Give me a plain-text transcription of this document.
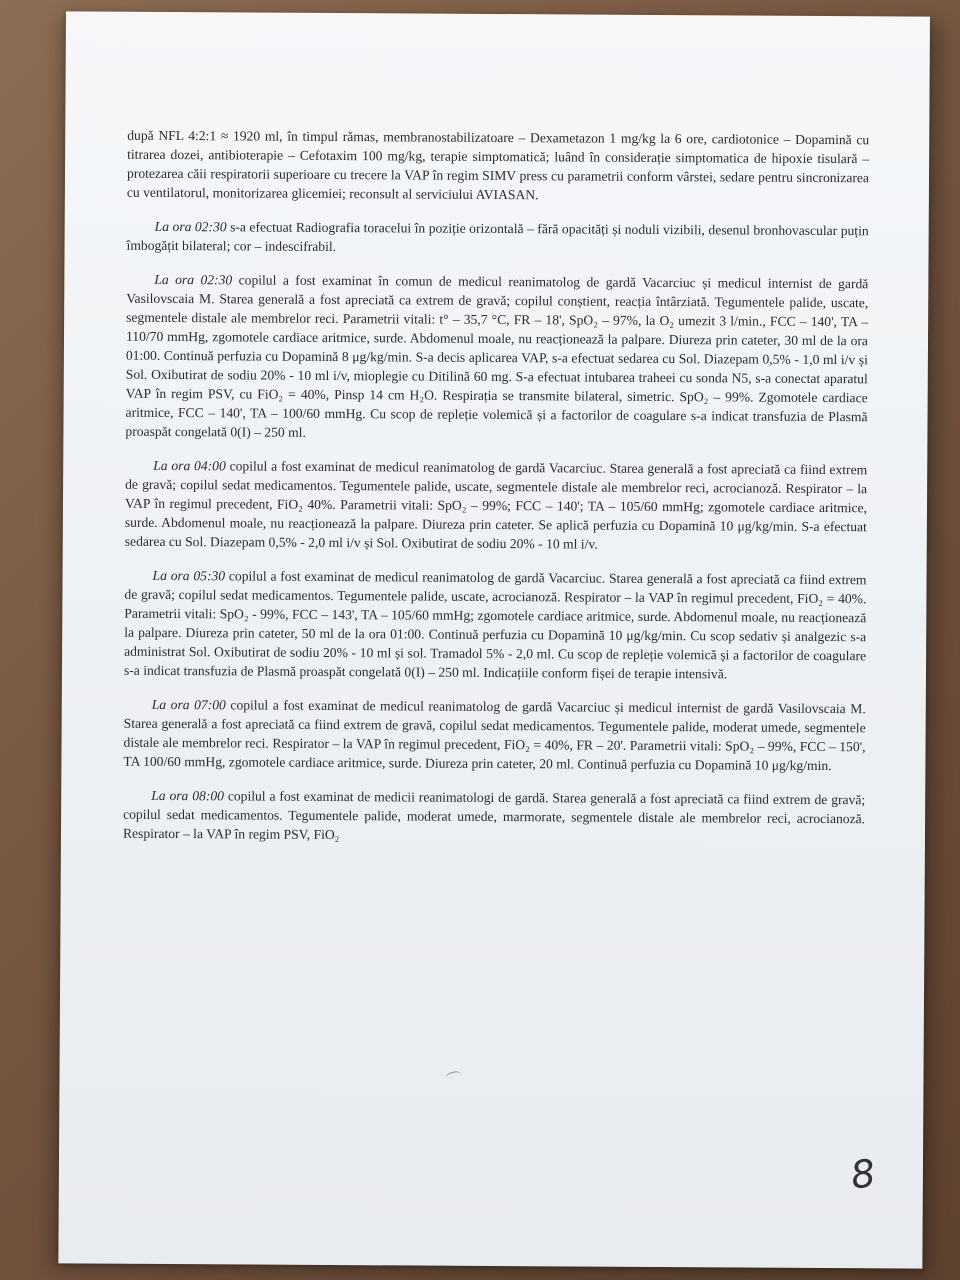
după NFL 4:2:1 ≈ 1920 ml, în timpul rămas, membranostabilizatoare – Dexametazon 1 mg/kg la 6 ore, cardiotonice – Dopamină cu titrarea dozei, antibioterapie – Cefotaxim 100 mg/kg, terapie simptomatică; luând în considerație simptomatica de hipoxie tisulară – protezarea căii respiratorii superioare cu trecere la VAP în regim SIMV press cu parametrii conform vârstei, sedare pentru sincronizarea cu ventilatorul, monitorizarea glicemiei; reconsult al serviciului AVIASAN.

La ora 02:30 s-a efectuat Radiografia toracelui în poziție orizontală – fără opacități și noduli vizibili, desenul bronhovascular puțin îmbogățit bilateral; cor – indescifrabil.

La ora 02:30 copilul a fost examinat în comun de medicul reanimatolog de gardă Vacarciuc și medicul internist de gardă Vasilovscaia M. Starea generală a fost apreciată ca extrem de gravă; copilul conștient, reacția întârziată. Tegumentele palide, uscate, segmentele distale ale membrelor reci. Parametrii vitali: t° – 35,7 °C, FR – 18', SpO₂ – 97%, la O₂ umezit 3 l/min., FCC – 140', TA – 110/70 mmHg, zgomotele cardiace aritmice, surde. Abdomenul moale, nu reacționează la palpare. Diureza prin cateter, 30 ml de la ora 01:00. Continuă perfuzia cu Dopamină 8 μg/kg/min. S-a decis aplicarea VAP, s-a efectuat sedarea cu Sol. Diazepam 0,5% - 1,0 ml i/v și Sol. Oxibutirat de sodiu 20% - 10 ml i/v, mioplegie cu Ditilină 60 mg. S-a efectuat intubarea traheei cu sonda N5, s-a conectat aparatul VAP în regim PSV, cu FiO₂ = 40%, Pinsp 14 cm H₂O. Respirația se transmite bilateral, simetric. SpO₂ – 99%. Zgomotele cardiace aritmice, FCC – 140', TA – 100/60 mmHg. Cu scop de repleție volemică și a factorilor de coagulare s-a indicat transfuzia de Plasmă proaspăt congelată 0(I) – 250 ml.

La ora 04:00 copilul a fost examinat de medicul reanimatolog de gardă Vacarciuc. Starea generală a fost apreciată ca fiind extrem de gravă; copilul sedat medicamentos. Tegumentele palide, uscate, segmentele distale ale membrelor reci, acrocianoză. Respirator – la VAP în regimul precedent, FiO₂ 40%. Parametrii vitali: SpO₂ – 99%; FCC – 140'; TA – 105/60 mmHg; zgomotele cardiace aritmice, surde. Abdomenul moale, nu reacționează la palpare. Diureza prin cateter. Se aplică perfuzia cu Dopamină 10 μg/kg/min. S-a efectuat sedarea cu Sol. Diazepam 0,5% - 2,0 ml i/v și Sol. Oxibutirat de sodiu 20% - 10 ml i/v.

La ora 05:30 copilul a fost examinat de medicul reanimatolog de gardă Vacarciuc. Starea generală a fost apreciată ca fiind extrem de gravă; copilul sedat medicamentos. Tegumentele palide, uscate, acrocianoză. Respirator – la VAP în regimul precedent, FiO₂ = 40%. Parametrii vitali: SpO₂ - 99%, FCC – 143', TA – 105/60 mmHg; zgomotele cardiace aritmice, surde. Abdomenul moale, nu reacționează la palpare. Diureza prin cateter, 50 ml de la ora 01:00. Continuă perfuzia cu Dopamină 10 μg/kg/min. Cu scop sedativ și analgezic s-a administrat Sol. Oxibutirat de sodiu 20% - 10 ml și sol. Tramadol 5% - 2,0 ml. Cu scop de repleție volemică și a factorilor de coagulare s-a indicat transfuzia de Plasmă proaspăt congelată 0(I) – 250 ml. Indicațiile conform fișei de terapie intensivă.

La ora 07:00 copilul a fost examinat de medicul reanimatolog de gardă Vacarciuc și medicul internist de gardă Vasilovscaia M. Starea generală a fost apreciată ca fiind extrem de gravă, copilul sedat medicamentos. Tegumentele palide, moderat umede, segmentele distale ale membrelor reci. Respirator – la VAP în regimul precedent, FiO₂ = 40%, FR – 20'. Parametrii vitali: SpO₂ – 99%, FCC – 150', TA 100/60 mmHg, zgomotele cardiace aritmice, surde. Diureza prin cateter, 20 ml. Continuă perfuzia cu Dopamină 10 μg/kg/min.

La ora 08:00 copilul a fost examinat de medicii reanimatologi de gardă. Starea generală a fost apreciată ca fiind extrem de gravă; copilul sedat medicamentos. Tegumentele palide, moderat umede, marmorate, segmentele distale ale membrelor reci, acrocianoză. Respirator – la VAP în regim PSV, FiO₂

8
